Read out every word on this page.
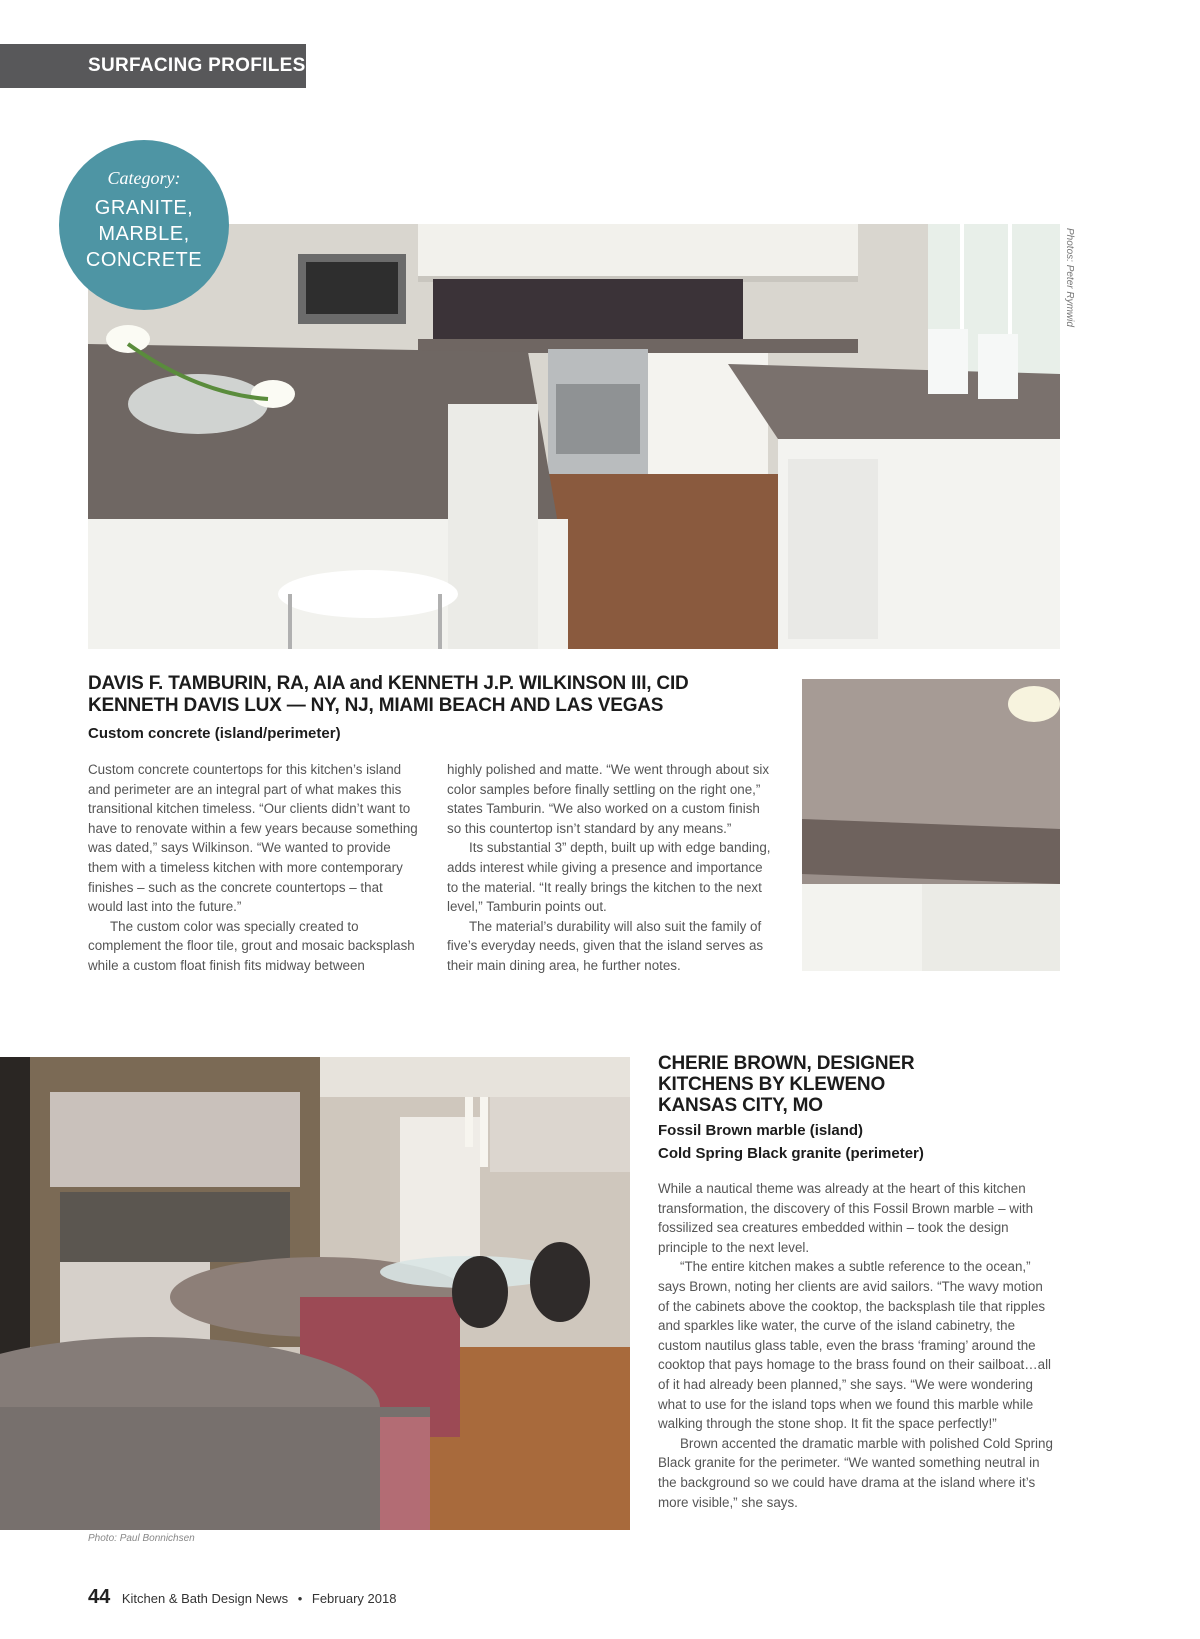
SURFACING PROFILES
Photos: Peter Rymwid
Category:
GRANITE,
MARBLE,
CONCRETE
DAVIS F. TAMBURIN, RA, AIA and KENNETH J.P. WILKINSON III, CID
KENNETH DAVIS LUX — NY, NJ, MIAMI BEACH AND LAS VEGAS
Custom concrete (island/perimeter)

Custom concrete countertops for this kitchen’s island and perimeter are an integral part of what makes this transitional kitchen timeless. “Our clients didn’t want to have to renovate within a few years because something was dated,” says Wilkinson. “We wanted to provide them with a timeless kitchen with more contemporary finishes – such as the concrete countertops – that would last into the future.”

The custom color was specially created to complement the floor tile, grout and mosaic backsplash while a custom float finish fits midway between

highly polished and matte. “We went through about six color samples before finally settling on the right one,” states Tamburin. “We also worked on a custom finish so this countertop isn’t standard by any means.”

Its substantial 3” depth, built up with edge banding, adds interest while giving a presence and importance to the material. “It really brings the kitchen to the next level,” Tamburin points out.

The material’s durability will also suit the family of five’s everyday needs, given that the island serves as their main dining area, he further notes.

Photo: Paul Bonnichsen
CHERIE BROWN, DESIGNER
KITCHENS BY KLEWENO
KANSAS CITY, MO
Fossil Brown marble (island)
Cold Spring Black granite (perimeter)

While a nautical theme was already at the heart of this kitchen transformation, the discovery of this Fossil Brown marble – with fossilized sea creatures embedded within – took the design principle to the next level.

“The entire kitchen makes a subtle reference to the ocean,” says Brown, noting her clients are avid sailors. “The wavy motion of the cabinets above the cooktop, the backsplash tile that ripples and sparkles like water, the curve of the island cabinetry, the custom nautilus glass table, even the brass ‘framing’ around the cooktop that pays homage to the brass found on their sailboat…all of it had already been planned,” she says. “We were wondering what to use for the island tops when we found this marble while walking through the stone shop. It fit the space perfectly!”

Brown accented the dramatic marble with polished Cold Spring Black granite for the perimeter. “We wanted something neutral in the background so we could have drama at the island where it’s more visible,” she says.

44 Kitchen & Bath Design News • February 2018
